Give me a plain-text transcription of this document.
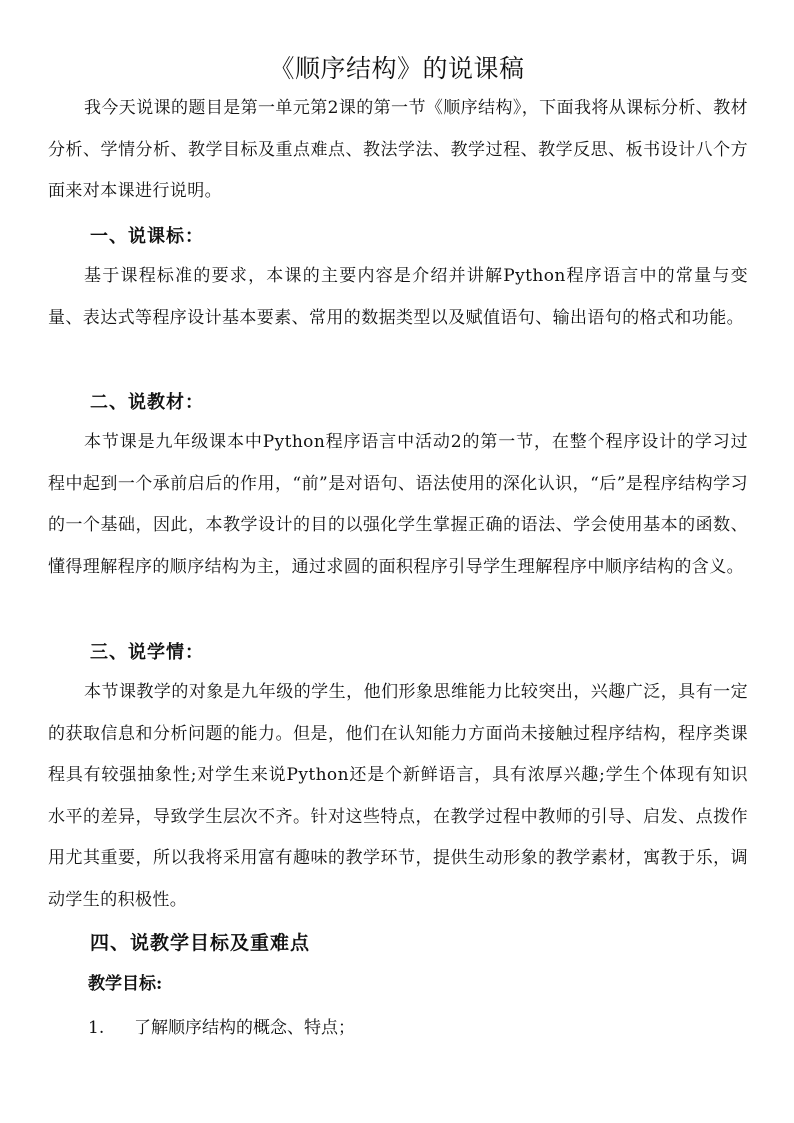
《顺序结构》的说课稿

我今天说课的题目是第一单元第2课的第一节《顺序结构》，下面我将从课标分析、教材分析、学情分析、教学目标及重点难点、教法学法、教学过程、教学反思、板书设计八个方面来对本课进行说明。

一、说课标：

基于课程标准的要求，本课的主要内容是介绍并讲解Python程序语言中的常量与变量、表达式等程序设计基本要素、常用的数据类型以及赋值语句、输出语句的格式和功能。

二、说教材：

本节课是九年级课本中Python程序语言中活动2的第一节，在整个程序设计的学习过程中起到一个承前启后的作用，“前”是对语句、语法使用的深化认识，“后”是程序结构学习的一个基础，因此，本教学设计的目的以强化学生掌握正确的语法、学会使用基本的函数、懂得理解程序的顺序结构为主，通过求圆的面积程序引导学生理解程序中顺序结构的含义。

三、说学情：

本节课教学的对象是九年级的学生，他们形象思维能力比较突出，兴趣广泛，具有一定的获取信息和分析问题的能力。但是，他们在认知能力方面尚未接触过程序结构，程序类课程具有较强抽象性;对学生来说Python还是个新鲜语言，具有浓厚兴趣;学生个体现有知识水平的差异，导致学生层次不齐。针对这些特点，在教学过程中教师的引导、启发、点拨作用尤其重要，所以我将采用富有趣味的教学环节，提供生动形象的教学素材，寓教于乐，调动学生的积极性。

四、说教学目标及重难点

教学目标:

1. 了解顺序结构的概念、特点；
